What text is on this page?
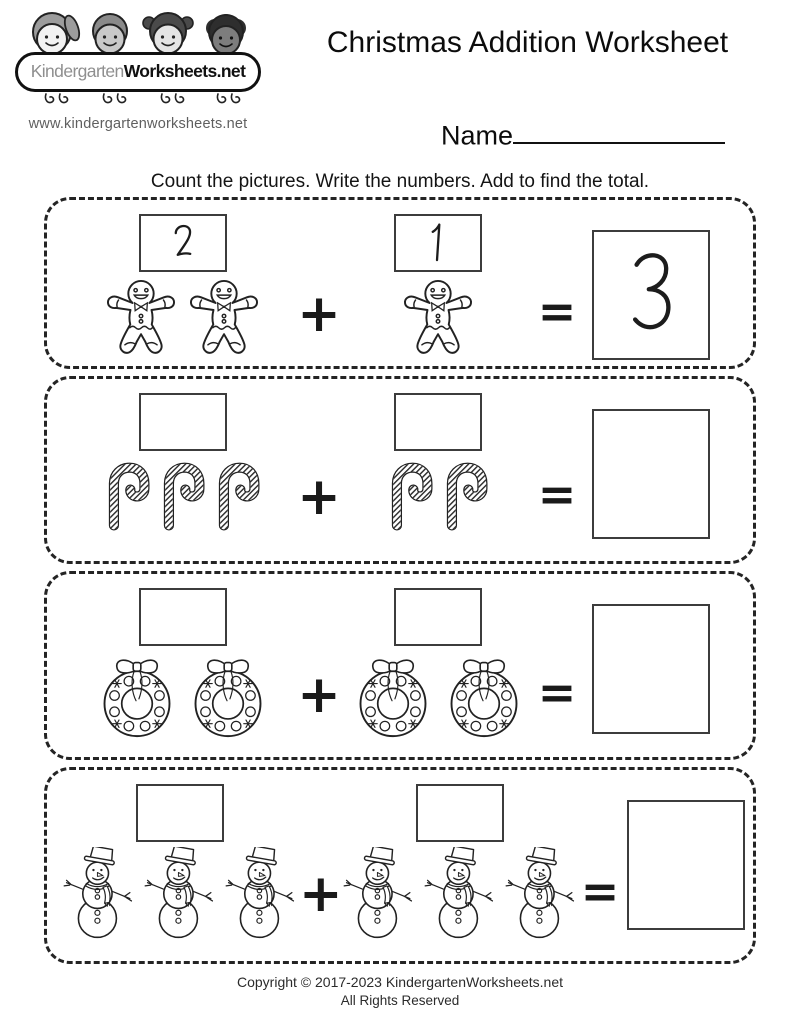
KindergartenWorksheets.net
www.kindergartenworksheets.net
Christmas Addition Worksheet
Name
Count the pictures. Write the numbers. Add to find the total.
+	=
+	=
+	=
+	=
Copyright © 2017-2023 KindergartenWorksheets.net
All Rights Reserved
